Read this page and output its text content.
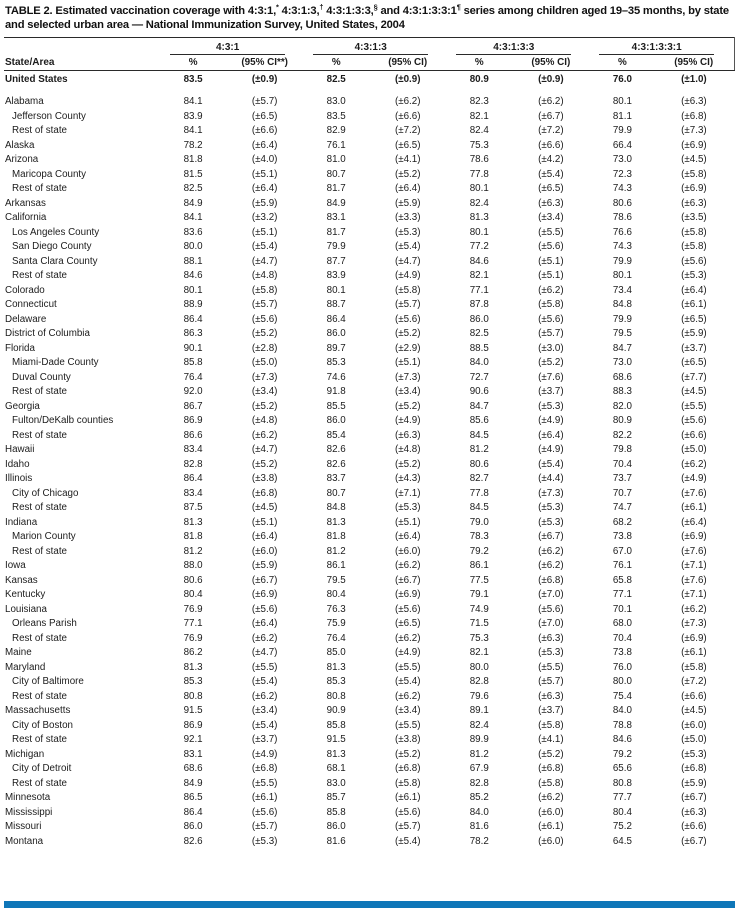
TABLE 2. Estimated vaccination coverage with 4:3:1,* 4:3:1:3,† 4:3:1:3:3,§ and 4:3:1:3:3:1¶ series among children aged 19–35 months, by state and selected urban area — National Immunization Survey, United States, 2004

	4:3:1		4:3:1:3		4:3:1:3:3		4:3:1:3:3:1	

State/Area	%	(95% CI**)	%	(95% CI)	%	(95% CI)	%	(95% CI)
United States	83.5	(±0.9)	82.5	(±0.9)	80.9	(±0.9)	76.0	(±1.0)
Alabama	84.1	(±5.7)	83.0	(±6.2)	82.3	(±6.2)	80.1	(±6.3)
Jefferson County	83.9	(±6.5)	83.5	(±6.6)	82.1	(±6.7)	81.1	(±6.8)
Rest of state	84.1	(±6.6)	82.9	(±7.2)	82.4	(±7.2)	79.9	(±7.3)
Alaska	78.2	(±6.4)	76.1	(±6.5)	75.3	(±6.6)	66.4	(±6.9)
Arizona	81.8	(±4.0)	81.0	(±4.1)	78.6	(±4.2)	73.0	(±4.5)
Maricopa County	81.5	(±5.1)	80.7	(±5.2)	77.8	(±5.4)	72.3	(±5.8)
Rest of state	82.5	(±6.4)	81.7	(±6.4)	80.1	(±6.5)	74.3	(±6.9)
Arkansas	84.9	(±5.9)	84.9	(±5.9)	82.4	(±6.3)	80.6	(±6.3)
California	84.1	(±3.2)	83.1	(±3.3)	81.3	(±3.4)	78.6	(±3.5)
Los Angeles County	83.6	(±5.1)	81.7	(±5.3)	80.1	(±5.5)	76.6	(±5.8)
San Diego County	80.0	(±5.4)	79.9	(±5.4)	77.2	(±5.6)	74.3	(±5.8)
Santa Clara County	88.1	(±4.7)	87.7	(±4.7)	84.6	(±5.1)	79.9	(±5.6)
Rest of state	84.6	(±4.8)	83.9	(±4.9)	82.1	(±5.1)	80.1	(±5.3)
Colorado	80.1	(±5.8)	80.1	(±5.8)	77.1	(±6.2)	73.4	(±6.4)
Connecticut	88.9	(±5.7)	88.7	(±5.7)	87.8	(±5.8)	84.8	(±6.1)
Delaware	86.4	(±5.6)	86.4	(±5.6)	86.0	(±5.6)	79.9	(±6.5)
District of Columbia	86.3	(±5.2)	86.0	(±5.2)	82.5	(±5.7)	79.5	(±5.9)
Florida	90.1	(±2.8)	89.7	(±2.9)	88.5	(±3.0)	84.7	(±3.7)
Miami-Dade County	85.8	(±5.0)	85.3	(±5.1)	84.0	(±5.2)	73.0	(±6.5)
Duval County	76.4	(±7.3)	74.6	(±7.3)	72.7	(±7.6)	68.6	(±7.7)
Rest of state	92.0	(±3.4)	91.8	(±3.4)	90.6	(±3.7)	88.3	(±4.5)
Georgia	86.7	(±5.2)	85.5	(±5.2)	84.7	(±5.3)	82.0	(±5.5)
Fulton/DeKalb counties	86.9	(±4.8)	86.0	(±4.9)	85.6	(±4.9)	80.9	(±5.6)
Rest of state	86.6	(±6.2)	85.4	(±6.3)	84.5	(±6.4)	82.2	(±6.6)
Hawaii	83.4	(±4.7)	82.6	(±4.8)	81.2	(±4.9)	79.8	(±5.0)
Idaho	82.8	(±5.2)	82.6	(±5.2)	80.6	(±5.4)	70.4	(±6.2)
Illinois	86.4	(±3.8)	83.7	(±4.3)	82.7	(±4.4)	73.7	(±4.9)
City of Chicago	83.4	(±6.8)	80.7	(±7.1)	77.8	(±7.3)	70.7	(±7.6)
Rest of state	87.5	(±4.5)	84.8	(±5.3)	84.5	(±5.3)	74.7	(±6.1)
Indiana	81.3	(±5.1)	81.3	(±5.1)	79.0	(±5.3)	68.2	(±6.4)
Marion County	81.8	(±6.4)	81.8	(±6.4)	78.3	(±6.7)	73.8	(±6.9)
Rest of state	81.2	(±6.0)	81.2	(±6.0)	79.2	(±6.2)	67.0	(±7.6)
Iowa	88.0	(±5.9)	86.1	(±6.2)	86.1	(±6.2)	76.1	(±7.1)
Kansas	80.6	(±6.7)	79.5	(±6.7)	77.5	(±6.8)	65.8	(±7.6)
Kentucky	80.4	(±6.9)	80.4	(±6.9)	79.1	(±7.0)	77.1	(±7.1)
Louisiana	76.9	(±5.6)	76.3	(±5.6)	74.9	(±5.6)	70.1	(±6.2)
Orleans Parish	77.1	(±6.4)	75.9	(±6.5)	71.5	(±7.0)	68.0	(±7.3)
Rest of state	76.9	(±6.2)	76.4	(±6.2)	75.3	(±6.3)	70.4	(±6.9)
Maine	86.2	(±4.7)	85.0	(±4.9)	82.1	(±5.3)	73.8	(±6.1)
Maryland	81.3	(±5.5)	81.3	(±5.5)	80.0	(±5.5)	76.0	(±5.8)
City of Baltimore	85.3	(±5.4)	85.3	(±5.4)	82.8	(±5.7)	80.0	(±7.2)
Rest of state	80.8	(±6.2)	80.8	(±6.2)	79.6	(±6.3)	75.4	(±6.6)
Massachusetts	91.5	(±3.4)	90.9	(±3.4)	89.1	(±3.7)	84.0	(±4.5)
City of Boston	86.9	(±5.4)	85.8	(±5.5)	82.4	(±5.8)	78.8	(±6.0)
Rest of state	92.1	(±3.7)	91.5	(±3.8)	89.9	(±4.1)	84.6	(±5.0)
Michigan	83.1	(±4.9)	81.3	(±5.2)	81.2	(±5.2)	79.2	(±5.3)
City of Detroit	68.6	(±6.8)	68.1	(±6.8)	67.9	(±6.8)	65.6	(±6.8)
Rest of state	84.9	(±5.5)	83.0	(±5.8)	82.8	(±5.8)	80.8	(±5.9)
Minnesota	86.5	(±6.1)	85.7	(±6.1)	85.2	(±6.2)	77.7	(±6.7)
Mississippi	86.4	(±5.6)	85.8	(±5.6)	84.0	(±6.0)	80.4	(±6.3)
Missouri	86.0	(±5.7)	86.0	(±5.7)	81.6	(±6.1)	75.2	(±6.6)
Montana	82.6	(±5.3)	81.6	(±5.4)	78.2	(±6.0)	64.5	(±6.7)
